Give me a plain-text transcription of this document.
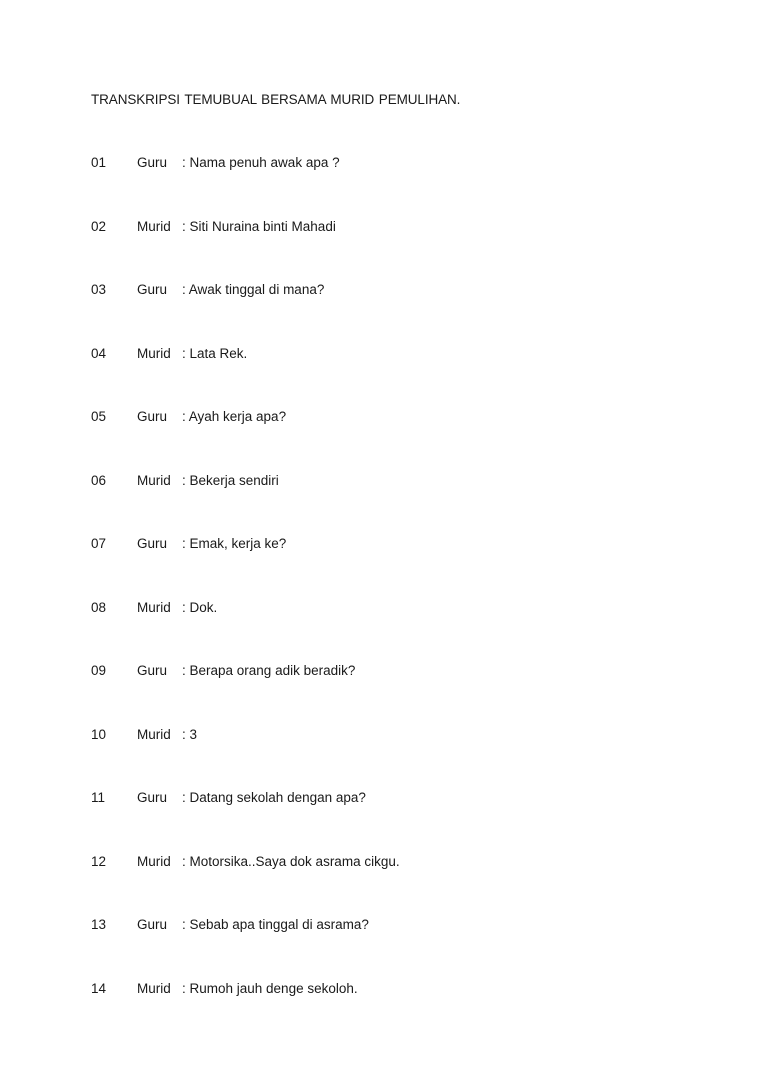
TRANSKRIPSI TEMUBUAL BERSAMA MURID PEMULIHAN.
01	Guru	: Nama penuh awak apa ?
02	Murid : Siti Nuraina binti Mahadi
03	Guru	: Awak tinggal di mana?
04	Murid : Lata Rek.
05	Guru	: Ayah kerja apa?
06	Murid : Bekerja sendiri
07	Guru	: Emak, kerja ke?
08	Murid : Dok.
09	Guru	: Berapa orang adik beradik?
10	Murid : 3
11	Guru	: Datang sekolah dengan apa?
12	Murid : Motorsika..Saya dok asrama cikgu.
13	Guru	: Sebab apa tinggal di asrama?
14	Murid : Rumoh jauh denge sekoloh.
